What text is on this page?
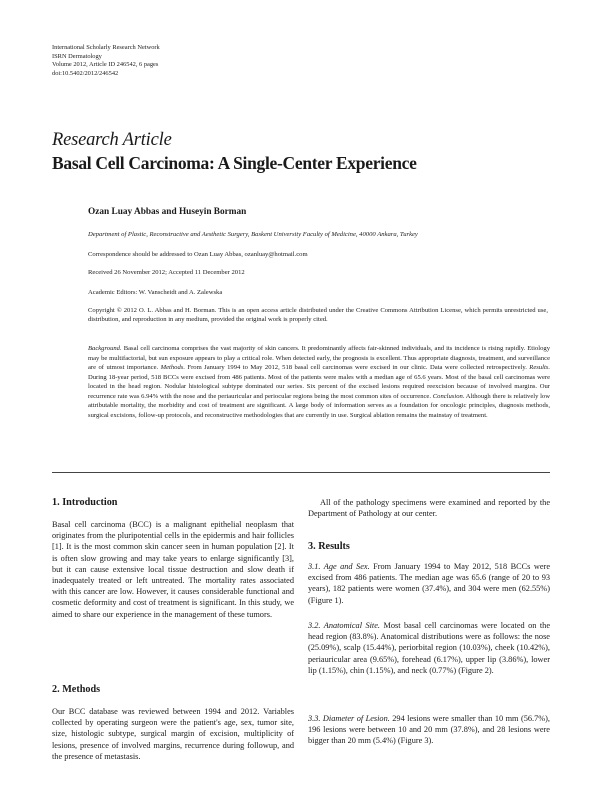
International Scholarly Research Network
ISRN Dermatology
Volume 2012, Article ID 246542, 6 pages
doi:10.5402/2012/246542
Research Article
Basal Cell Carcinoma: A Single-Center Experience
Ozan Luay Abbas and Huseyin Borman
Department of Plastic, Reconstructive and Aesthetic Surgery, Baskent University Faculty of Medicine, 40000 Ankara, Turkey
Correspondence should be addressed to Ozan Luay Abbas, ozanluay@hotmail.com
Received 26 November 2012; Accepted 11 December 2012
Academic Editors: W. Vanscheidt and A. Zalewska
Copyright © 2012 O. L. Abbas and H. Borman. This is an open access article distributed under the Creative Commons Attribution License, which permits unrestricted use, distribution, and reproduction in any medium, provided the original work is properly cited.
Background. Basal cell carcinoma comprises the vast majority of skin cancers. It predominantly affects fair-skinned individuals, and its incidence is rising rapidly. Etiology may be multifactorial, but sun exposure appears to play a critical role. When detected early, the prognosis is excellent. Thus appropriate diagnosis, treatment, and surveillance are of utmost importance. Methods. From January 1994 to May 2012, 518 basal cell carcinomas were excised in our clinic. Data were collected retrospectively. Results. During 18-year period, 518 BCCs were excised from 486 patients. Most of the patients were males with a median age of 65.6 years. Most of the basal cell carcinomas were located in the head region. Nodular histological subtype dominated our series. Six percent of the excised lesions required reexcision because of involved margins. Our recurrence rate was 6.94% with the nose and the periauricular and periocular regions being the most common sites of occurrence. Conclusion. Although there is relatively low attributable mortality, the morbidity and cost of treatment are significant. A large body of information serves as a foundation for oncologic principles, diagnosis methods, surgical excisions, follow-up protocols, and reconstructive methodologies that are currently in use. Surgical ablation remains the mainstay of treatment.
1. Introduction
Basal cell carcinoma (BCC) is a malignant epithelial neoplasm that originates from the pluripotential cells in the epidermis and hair follicles [1]. It is the most common skin cancer seen in human population [2]. It is often slow growing and may take years to enlarge significantly [3], but it can cause extensive local tissue destruction and slow death if inadequately treated or left untreated. The mortality rates associated with this cancer are low. However, it causes considerable functional and cosmetic deformity and cost of treatment is significant. In this study, we aimed to share our experience in the management of these tumors.
2. Methods
Our BCC database was reviewed between 1994 and 2012. Variables collected by operating surgeon were the patient's age, sex, tumor site, size, histologic subtype, surgical margin of excision, multiplicity of lesions, presence of involved margins, recurrence during followup, and the presence of metastasis.
All of the pathology specimens were examined and reported by the Department of Pathology at our center.
3. Results
3.1. Age and Sex. From January 1994 to May 2012, 518 BCCs were excised from 486 patients. The median age was 65.6 (range of 20 to 93 years), 182 patients were women (37.4%), and 304 were men (62.55%) (Figure 1).
3.2. Anatomical Site. Most basal cell carcinomas were located on the head region (83.8%). Anatomical distributions were as follows: the nose (25.09%), scalp (15.44%), periorbital region (10.03%), cheek (10.42%), periauricular area (9.65%), forehead (6.17%), upper lip (3.86%), lower lip (1.15%), chin (1.15%), and neck (0.77%) (Figure 2).
3.3. Diameter of Lesion. 294 lesions were smaller than 10 mm (56.7%), 196 lesions were between 10 and 20 mm (37.8%), and 28 lesions were bigger than 20 mm (5.4%) (Figure 3).
